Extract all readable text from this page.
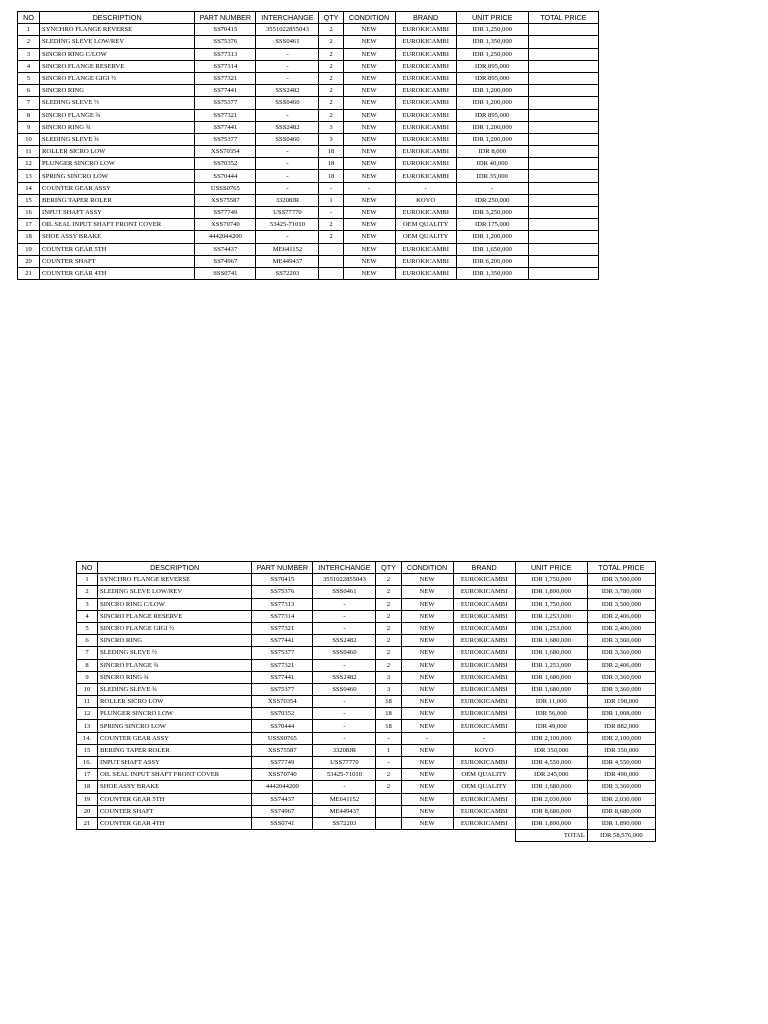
NO	DESCRIPTION	PART NUMBER	INTERCHANGE	QTY	CONDITION	BRAND	UNIT PRICE	TOTAL PRICE
1	SYNCHRO FLANGE REVERSE	SS70415	3551022855043	2	NEW	EUROKICAMBI	IDR 1,250,000	
2	SLEDING SLEVE LOW/REV	SS75376	SSS0461	2	NEW	EUROKICAMBI	IDR 1,350,000	
3	SINCRO RING C/LOW	SS77313	-	2	NEW	EUROKICAMBI	IDR 1,250,000	
4	SINCRO FLANGE RESERVE	SS77314	-	2	NEW	EUROKICAMBI	IDR 895,000	
5	SINCRO FLANGE GIGI ½	SS77321	-	2	NEW	EUROKICAMBI	IDR 895,000	
6	SINCRO RING	SS77441	SSS2482	2	NEW	EUROKICAMBI	IDR 1,200,000	
7	SLEDING SLEVE ½	SS75377	SSS0460	2	NEW	EUROKICAMBI	IDR 1,200,000	
8	SINCRO FLANGE ¾	SS77321	-	2	NEW	EUROKICAMBI	IDR 895,000	
9	SINCRO RING ¾	SS77441	SSS2482	3	NEW	EUROKICAMBI	IDR 1,200,000	
10	SLEDING SLEVE ¾	SS75377	SSS0460	3	NEW	EUROKICAMBI	IDR 1,200,000	
11	ROLLER SICRO LOW	XSS70354	-	18	NEW	EUROKICAMBI	IDR 8,000	
12	PLUNGER SINCRO LOW	SS70352	-	18	NEW	EUROKICAMBI	IDR 40,000	
13	SPRING SINCRO LOW	SS70444	-	18	NEW	EUROKICAMBI	IDR 35,000	
14	COUNTER GEAR ASSY	USSS0765	-	-	-	-	-	
15	BERING TAPER ROLER	XSS75587	33208JR	1	NEW	KOYO	IDR 250,000	
16	INPUT SHAFT ASSY	SS77749	USS77770	-	NEW	EUROKICAMBI	IDR 3,250,000	
17	OIL SEAL INPUT SHAFT FRONT COVER	XSS70740	53425-71010	2	NEW	OEM QUALITY	IDR 175,000	
18	SHOE ASSY BRAKE	4442044200	-	2	NEW	OEM QUALITY	IDR 1,200,000	
19	COUNTER GEAR 5TH	SS74437	ME641152		NEW	EUROKICAMBI	IDR 1,650,000	
20	COUNTER SHAFT	SS74967	ME449437		NEW	EUROKICAMBI	IDR 6,200,000	
21	COUNTER GEAR 4TH	SSS0741	SS72203		NEW	EUROKICAMBI	IDR 1,350,000	
NO	DESCRIPTION	PART NUMBER	INTERCHANGE	QTY	CONDITION	BRAND	UNIT PRICE	TOTAL PRICE
1	SYNCHRO FLANGE REVERSE	SS70415	3551022855043	2	NEW	EUROKICAMBI	IDR 1,750,000	IDR 3,500,000
2	SLEDING SLEVE LOW/REV	SS75376	SSS0461	2	NEW	EUROKICAMBI	IDR 1,890,000	IDR 3,780,000
3	SINCRO RING C/LOW	SS77313	-	2	NEW	EUROKICAMBI	IDR 1,750,000	IDR 3,500,000
4	SINCRO FLANGE RESERVE	SS77314	-	2	NEW	EUROKICAMBI	IDR 1,253,000	IDR 2,406,000
5	SINCRO FLANGE GIGI ½	SS77321	-	2	NEW	EUROKICAMBI	IDR 1,253,000	IDR 2,406,000
6	SINCRO RING	SS77441	SSS2482	2	NEW	EUROKICAMBI	IDR 1,680,000	IDR 3,360,000
7	SLEDING SLEVE ½	SS75377	SSS0460	2	NEW	EUROKICAMBI	IDR 1,680,000	IDR 3,360,000
8	SINCRO FLANGE ¾	SS77321	-	2	NEW	EUROKICAMBI	IDR 1,253,000	IDR 2,406,000
9	SINCRO RING ¾	SS77441	SSS2482	3	NEW	EUROKICAMBI	IDR 1,680,000	IDR 3,360,000
10	SLEDING SLEVE ¾	SS75377	SSS0460	3	NEW	EUROKICAMBI	IDR 1,680,000	IDR 3,360,000
11	ROLLER SICRO LOW	XSS70354	-	18	NEW	EUROKICAMBI	IDR 11,000	IDR 198,000
12	PLUNGER SINCRO LOW	SS70352	-	18	NEW	EUROKICAMBI	IDR 56,000	IDR 1,008,000
13	SPRING SINCRO LOW	SS70444	-	18	NEW	EUROKICAMBI	IDR 49,000	IDR 882,000
14.	COUNTER GEAR ASSY	USSS0765	-	-	-	-	IDR 2,100,000	IDR 2,100,000
15	BERING TAPER ROLER	XSS75587	33208JR	1	NEW	KOYO	IDR 350,000	IDR 350,000
16.	INPUT SHAFT ASSY	SS77749	USS77770	-	NEW	EUROKICAMBI	IDR 4,550,000	IDR 4,550,000
17	OIL SEAL INPUT SHAFT FRONT COVER	XSS70740	53425-71010	2	NEW	OEM QUALITY	IDR 245,000	IDR 490,000
18	SHOE ASSY BRAKE	4442044200	-	2	NEW	OEM QUALITY	IDR 1,680,000	IDR 3,360,000
19	COUNTER GEAR 5TH	SS74437	ME641152		NEW	EUROKICAMBI	IDR 2,030,000	IDR 2,030,000
20	COUNTER SHAFT	SS74967	ME449437		NEW	EUROKICAMBI	IDR 8,680,000	IDR 8,680,000
21	COUNTER GEAR 4TH	SSS0741	SS72203		NEW	EUROKICAMBI	IDR 1,890,000	IDR 1,890,000
							TOTAL	IDR 58,576,000
